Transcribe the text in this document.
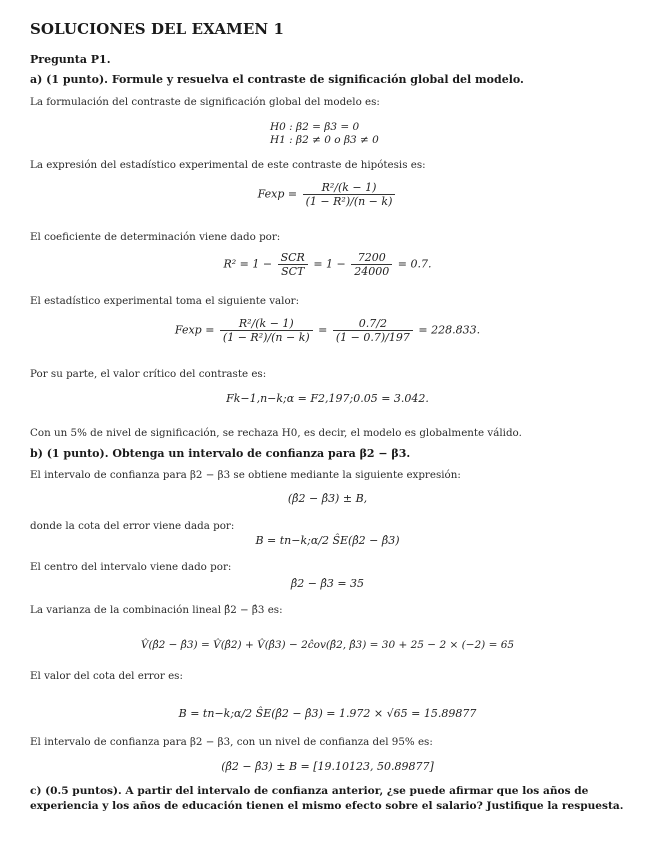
SOLUCIONES DEL EXAMEN 1
Pregunta P1.
a) (1 punto). Formule y resuelva el contraste de significación global del modelo.
La formulación del contraste de significación global del modelo es:
H0 : β2 = β3 = 0
H1 : β2 ≠ 0 o β3 ≠ 0
La expresión del estadístico experimental de este contraste de hipótesis es:
$Fexp = \frac{\text{R²/(k − 1)}}{\text{(1 − R²)/(n − k)}}$
El coeficiente de determinación viene dado por:
$R^2 = 1 - \frac{\text{SCR}}{\text{SCT}} = 1 - \frac{7200}{24000} = 0.7$.
El estadístico experimental toma el siguiente valor:
$Fexp = \frac{\text{R²/(k − 1)}}{\text{(1 − R²)/(n − k)}} = \frac{0.7/2}{(1 - 0.7)/197} = 228.833$.
Por su parte, el valor crítico del contraste es:
Fk−1,n−k;α = F2,197;0.05 = 3.042.
Con un 5% de nivel de significación, se rechaza H0, es decir, el modelo es globalmente válido.
b) (1 punto). Obtenga un intervalo de confianza para β2 − β3.
El intervalo de confianza para β2 − β3 se obtiene mediante la siguiente expresión:
(β̂2 − β̂3) ± B,
donde la cota del error viene dada por:
B = tn−k;α/2 ŜE(β̂2 − β̂3)
El centro del intervalo viene dado por:
β̂2 − β̂3 = 35
La varianza de la combinación lineal β̂2 − β̂3 es:
V̂(β̂2 − β̂3) = V̂(β̂2) + V̂(β̂3) − 2ĉov(β̂2, β̂3) = 30 + 25 − 2 × (−2) = 65
El valor del cota del error es:
B = tn−k;α/2 ŜE(β̂2 − β̂3) = 1.972 × √65 = 15.89877
El intervalo de confianza para β2 − β3, con un nivel de confianza del 95% es:
(β̂2 − β̂3) ± B = [19.10123, 50.89877]
c) (0.5 puntos). A partir del intervalo de confianza anterior, ¿se puede afirmar que los años de experiencia y los años de educación tienen el mismo efecto sobre el salario? Justifique la respuesta.
